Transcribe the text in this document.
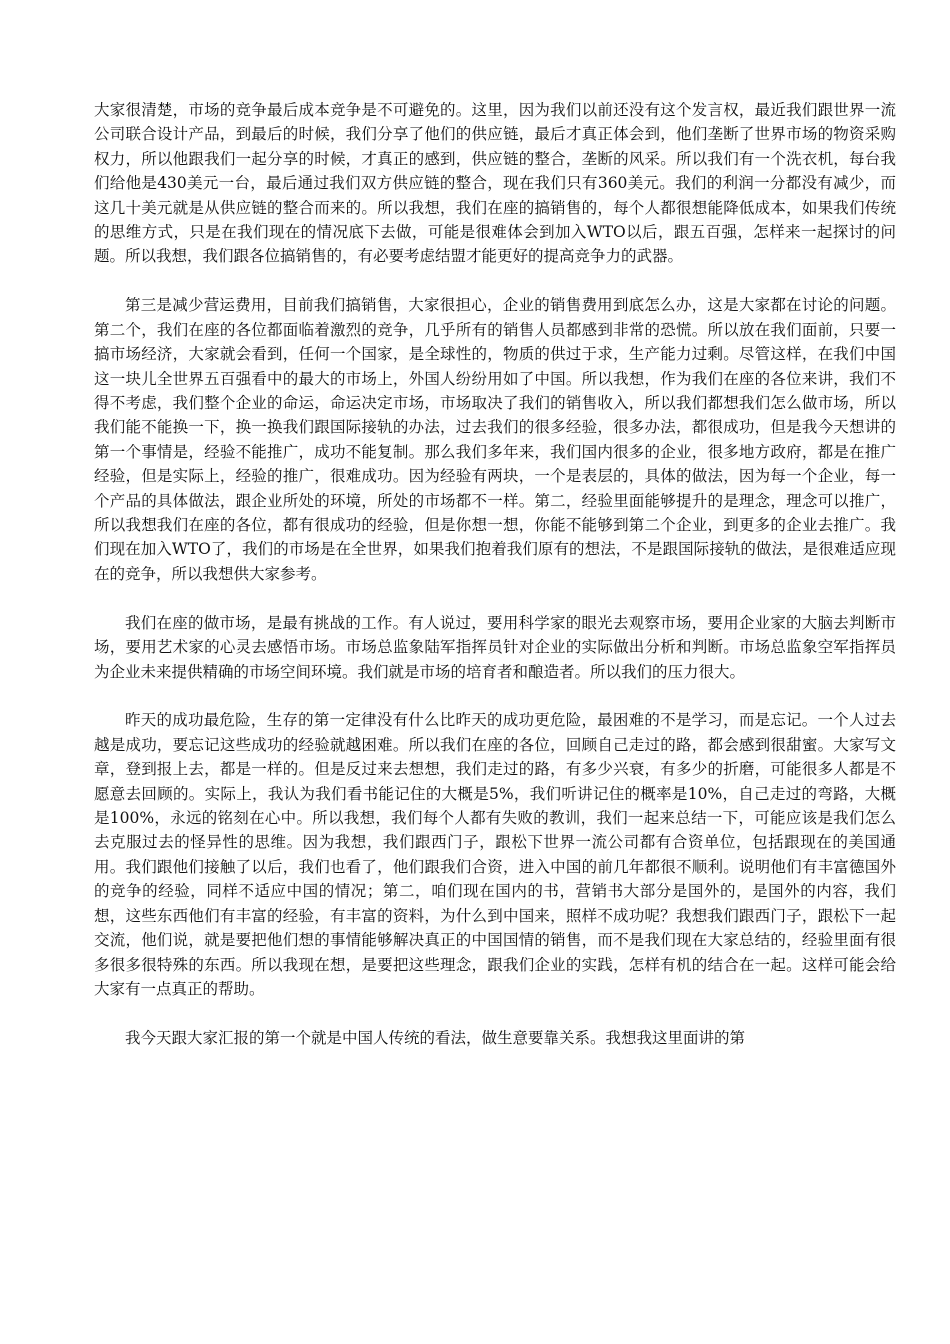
大家很清楚，市场的竞争最后成本竞争是不可避免的。这里，因为我们以前还没有这个发言权，最近我们跟世界一流公司联合设计产品，到最后的时候，我们分享了他们的供应链，最后才真正体会到，他们垄断了世界市场的物资采购权力，所以他跟我们一起分享的时候，才真正的感到，供应链的整合，垄断的风采。所以我们有一个洗衣机，每台我们给他是430美元一台，最后通过我们双方供应链的整合，现在我们只有360美元。我们的利润一分都没有减少，而这几十美元就是从供应链的整合而来的。所以我想，我们在座的搞销售的，每个人都很想能降低成本，如果我们传统的思维方式，只是在我们现在的情况底下去做，可能是很难体会到加入WTO以后，跟五百强，怎样来一起探讨的问题。所以我想，我们跟各位搞销售的，有必要考虑结盟才能更好的提高竞争力的武器。

第三是减少营运费用，目前我们搞销售，大家很担心，企业的销售费用到底怎么办，这是大家都在讨论的问题。第二个，我们在座的各位都面临着激烈的竞争，几乎所有的销售人员都感到非常的恐慌。所以放在我们面前，只要一搞市场经济，大家就会看到，任何一个国家，是全球性的，物质的供过于求，生产能力过剩。尽管这样，在我们中国这一块儿全世界五百强看中的最大的市场上，外国人纷纷用如了中国。所以我想，作为我们在座的各位来讲，我们不得不考虑，我们整个企业的命运，命运决定市场，市场取决了我们的销售收入，所以我们都想我们怎么做市场，所以我们能不能换一下，换一换我们跟国际接轨的办法，过去我们的很多经验，很多办法，都很成功，但是我今天想讲的第一个事情是，经验不能推广，成功不能复制。那么我们多年来，我们国内很多的企业，很多地方政府，都是在推广经验，但是实际上，经验的推广，很难成功。因为经验有两块，一个是表层的，具体的做法，因为每一个企业，每一个产品的具体做法，跟企业所处的环境，所处的市场都不一样。第二，经验里面能够提升的是理念，理念可以推广，所以我想我们在座的各位，都有很成功的经验，但是你想一想，你能不能够到第二个企业，到更多的企业去推广。我们现在加入WTO了，我们的市场是在全世界，如果我们抱着我们原有的想法，不是跟国际接轨的做法，是很难适应现在的竞争，所以我想供大家参考。

我们在座的做市场，是最有挑战的工作。有人说过，要用科学家的眼光去观察市场，要用企业家的大脑去判断市场，要用艺术家的心灵去感悟市场。市场总监象陆军指挥员针对企业的实际做出分析和判断。市场总监象空军指挥员为企业未来提供精确的市场空间环境。我们就是市场的培育者和酿造者。所以我们的压力很大。

昨天的成功最危险，生存的第一定律没有什么比昨天的成功更危险，最困难的不是学习，而是忘记。一个人过去越是成功，要忘记这些成功的经验就越困难。所以我们在座的各位，回顾自己走过的路，都会感到很甜蜜。大家写文章，登到报上去，都是一样的。但是反过来去想想，我们走过的路，有多少兴衰，有多少的折磨，可能很多人都是不愿意去回顾的。实际上，我认为我们看书能记住的大概是5%，我们听讲记住的概率是10%，自己走过的弯路，大概是100%，永远的铭刻在心中。所以我想，我们每个人都有失败的教训，我们一起来总结一下，可能应该是我们怎么去克服过去的怪异性的思维。因为我想，我们跟西门子，跟松下世界一流公司都有合资单位，包括跟现在的美国通用。我们跟他们接触了以后，我们也看了，他们跟我们合资，进入中国的前几年都很不顺利。说明他们有丰富德国外的竞争的经验，同样不适应中国的情况；第二，咱们现在国内的书，营销书大部分是国外的，是国外的内容，我们想，这些东西他们有丰富的经验，有丰富的资料，为什么到中国来，照样不成功呢？我想我们跟西门子，跟松下一起交流，他们说，就是要把他们想的事情能够解决真正的中国国情的销售，而不是我们现在大家总结的，经验里面有很多很多很特殊的东西。所以我现在想，是要把这些理念，跟我们企业的实践，怎样有机的结合在一起。这样可能会给大家有一点真正的帮助。

我今天跟大家汇报的第一个就是中国人传统的看法，做生意要靠关系。我想我这里面讲的第
